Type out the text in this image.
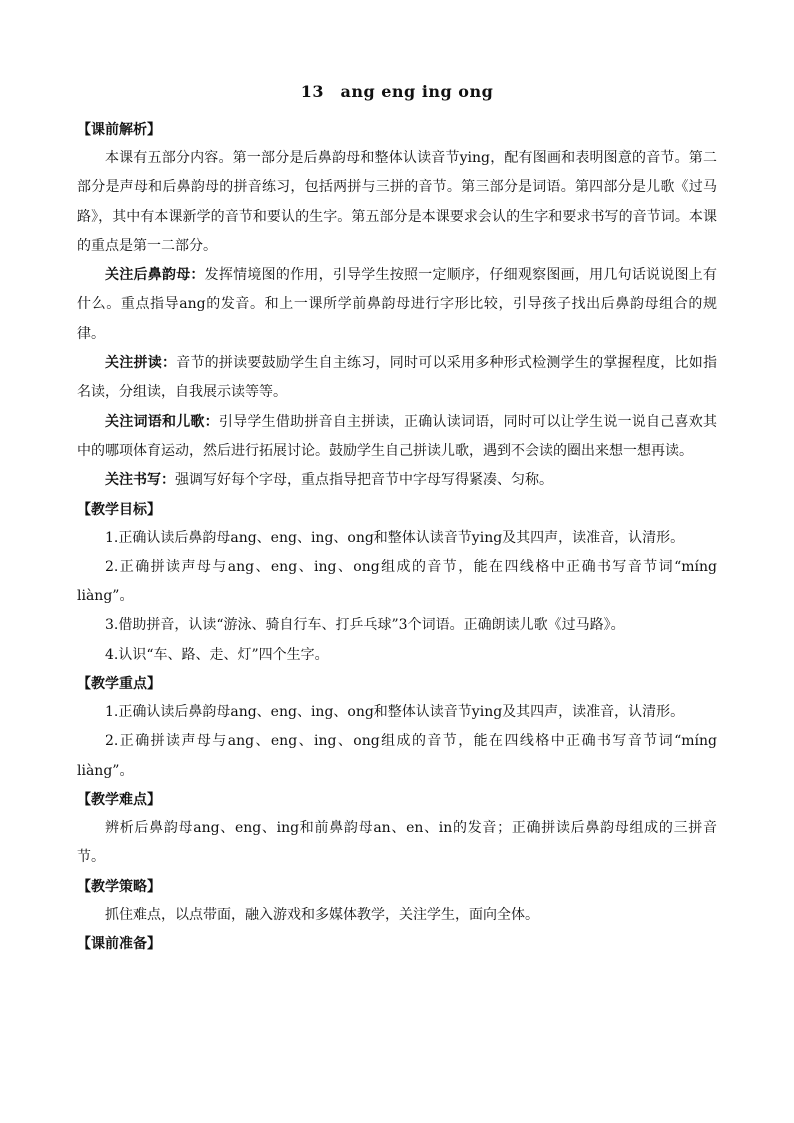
13　ang eng ing ong

【课前解析】

本课有五部分内容。第一部分是后鼻韵母和整体认读音节ying，配有图画和表明图意的音节。第二部分是声母和后鼻韵母的拼音练习，包括两拼与三拼的音节。第三部分是词语。第四部分是儿歌《过马路》，其中有本课新学的音节和要认的生字。第五部分是本课要求会认的生字和要求书写的音节词。本课的重点是第一二部分。

关注后鼻韵母：发挥情境图的作用，引导学生按照一定顺序，仔细观察图画，用几句话说说图上有什么。重点指导ang的发音。和上一课所学前鼻韵母进行字形比较，引导孩子找出后鼻韵母组合的规律。

关注拼读：音节的拼读要鼓励学生自主练习，同时可以采用多种形式检测学生的掌握程度，比如指名读，分组读，自我展示读等等。

关注词语和儿歌：引导学生借助拼音自主拼读，正确认读词语，同时可以让学生说一说自己喜欢其中的哪项体育运动，然后进行拓展讨论。鼓励学生自己拼读儿歌，遇到不会读的圈出来想一想再读。

关注书写：强调写好每个字母，重点指导把音节中字母写得紧凑、匀称。

【教学目标】

1.正确认读后鼻韵母ang、eng、ing、ong和整体认读音节ying及其四声，读准音，认清形。

2.正确拼读声母与ang、eng、ing、ong组成的音节，能在四线格中正确书写音节词“míng liàng”。

3.借助拼音，认读“游泳、骑自行车、打乒乓球”3个词语。正确朗读儿歌《过马路》。

4.认识“车、路、走、灯”四个生字。

【教学重点】

1.正确认读后鼻韵母ang、eng、ing、ong和整体认读音节ying及其四声，读准音，认清形。

2.正确拼读声母与ang、eng、ing、ong组成的音节，能在四线格中正确书写音节词“míng liàng”。

【教学难点】

辨析后鼻韵母ang、eng、ing和前鼻韵母an、en、in的发音；正确拼读后鼻韵母组成的三拼音节。

【教学策略】

抓住难点，以点带面，融入游戏和多媒体教学，关注学生，面向全体。

【课前准备】
